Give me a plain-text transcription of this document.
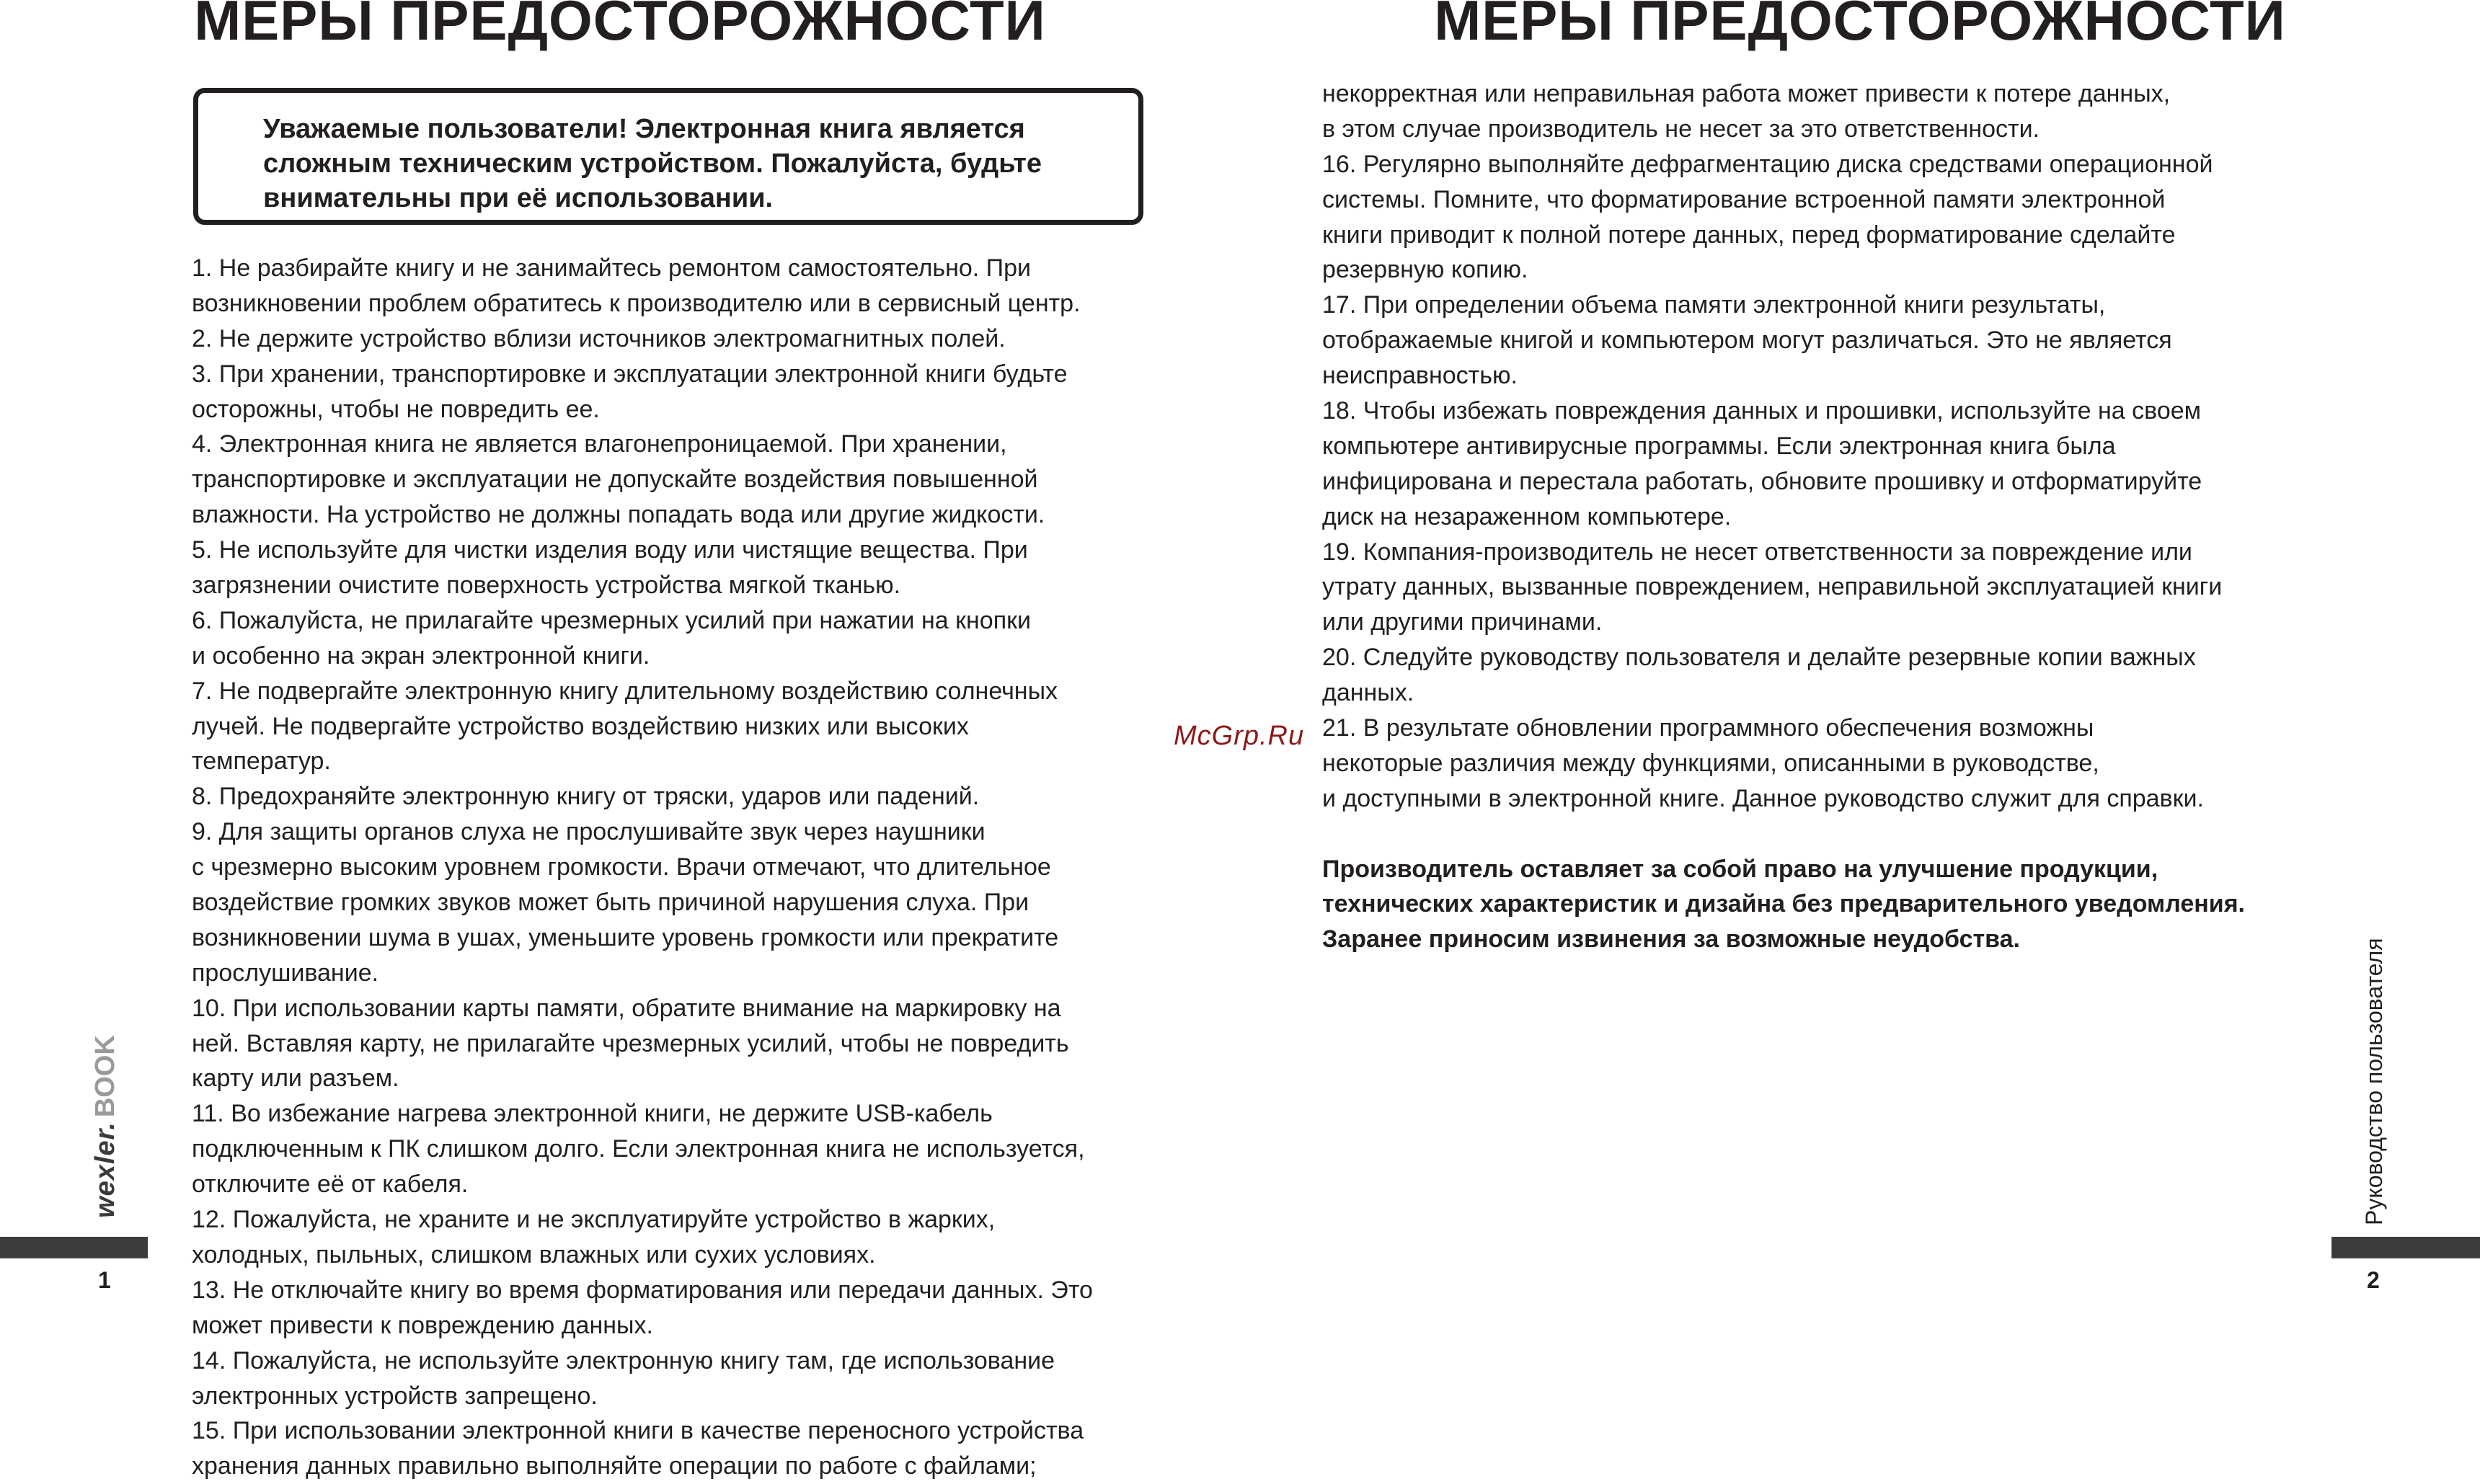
МЕРЫ ПРЕДОСТОРОЖНОСТИ
Уважаемые пользователи! Электронная книга является
сложным техническим устройством. Пожалуйста, будьте
внимательны при её использовании.
1. Не разбирайте книгу и не занимайтесь ремонтом самостоятельно. При
возникновении проблем обратитесь к производителю или в сервисный центр.
2. Не держите устройство вблизи источников электромагнитных полей.
3. При хранении, транспортировке и эксплуатации электронной книги будьте
осторожны, чтобы не повредить ее.
4. Электронная книга не является влагонепроницаемой. При хранении,
транспортировке и эксплуатации не допускайте воздействия повышенной
влажности. На устройство не должны попадать вода или другие жидкости.
5. Не используйте для чистки изделия воду или чистящие вещества. При
загрязнении очистите поверхность устройства мягкой тканью.
6. Пожалуйста, не прилагайте чрезмерных усилий при нажатии на кнопки
и особенно на экран электронной книги.
7. Не подвергайте электронную книгу длительному воздействию солнечных
лучей. Не подвергайте устройство воздействию низких или высоких
температур.
8. Предохраняйте электронную книгу от тряски, ударов или падений.
9. Для защиты органов слуха не прослушивайте звук через наушники
с чрезмерно высоким уровнем громкости. Врачи отмечают, что длительное
воздействие громких звуков может быть причиной нарушения слуха. При
возникновении шума в ушах, уменьшите уровень громкости или прекратите
прослушивание.
10. При использовании карты памяти, обратите внимание на маркировку на
ней. Вставляя карту, не прилагайте чрезмерных усилий, чтобы не повредить
карту или разъем.
11. Во избежание нагрева электронной книги, не держите USB-кабель
подключенным к ПК слишком долго. Если электронная книга не используется,
отключите её от кабеля.
12. Пожалуйста, не храните и не эксплуатируйте устройство в жарких,
холодных, пыльных, слишком влажных или сухих условиях.
13. Не отключайте книгу во время форматирования или передачи данных. Это
может привести к повреждению данных.
14. Пожалуйста, не используйте электронную книгу там, где использование
электронных устройств запрещено.
15. При использовании электронной книги в качестве переносного устройства
хранения данных правильно выполняйте операции по работе с файлами;
wexler.BOOK
1
МЕРЫ ПРЕДОСТОРОЖНОСТИ
некорректная или неправильная работа может привести к потере данных,
в этом случае производитель не несет за это ответственности.
16. Регулярно выполняйте дефрагментацию диска средствами операционной
системы. Помните, что форматирование встроенной памяти электронной
книги приводит к полной потере данных, перед форматирование сделайте
резервную копию.
17. При определении объема памяти электронной книги результаты,
отображаемые книгой и компьютером могут различаться. Это не является
неисправностью.
18. Чтобы избежать повреждения данных и прошивки, используйте на своем
компьютере антивирусные программы. Если электронная книга была
инфицирована и перестала работать, обновите прошивку и отформатируйте
диск на незараженном компьютере.
19. Компания-производитель не несет ответственности за повреждение или
утрату данных, вызванные повреждением, неправильной эксплуатацией книги
или другими причинами.
20. Следуйте руководству пользователя и делайте резервные копии важных
данных.
21. В результате обновлении программного обеспечения возможны
некоторые различия между функциями, описанными в руководстве,
и доступными в электронной книге. Данное руководство служит для справки.
Производитель оставляет за собой право на улучшение продукции,
технических характеристик и дизайна без предварительного уведомления.
Заранее приносим извинения за возможные неудобства.	Руководство пользователя
2
McGrp.Ru
